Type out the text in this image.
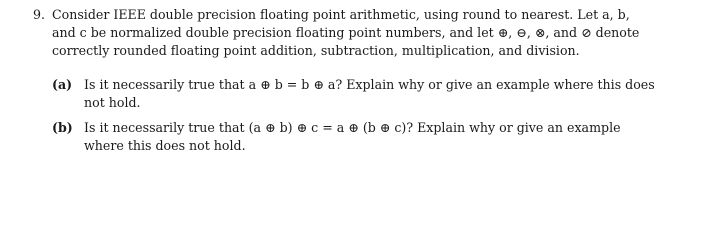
9. Consider IEEE double precision floating point arithmetic, using round to nearest. Let a, b,
and c be normalized double precision floating point numbers, and let ⊕, ⊖, ⊗, and ⊘ denote
correctly rounded floating point addition, subtraction, multiplication, and division.
(a) Is it necessarily true that a ⊕ b = b ⊕ a? Explain why or give an example where this does
not hold.
(b) Is it necessarily true that (a ⊕ b) ⊕ c = a ⊕ (b ⊕ c)? Explain why or give an example
where this does not hold.
